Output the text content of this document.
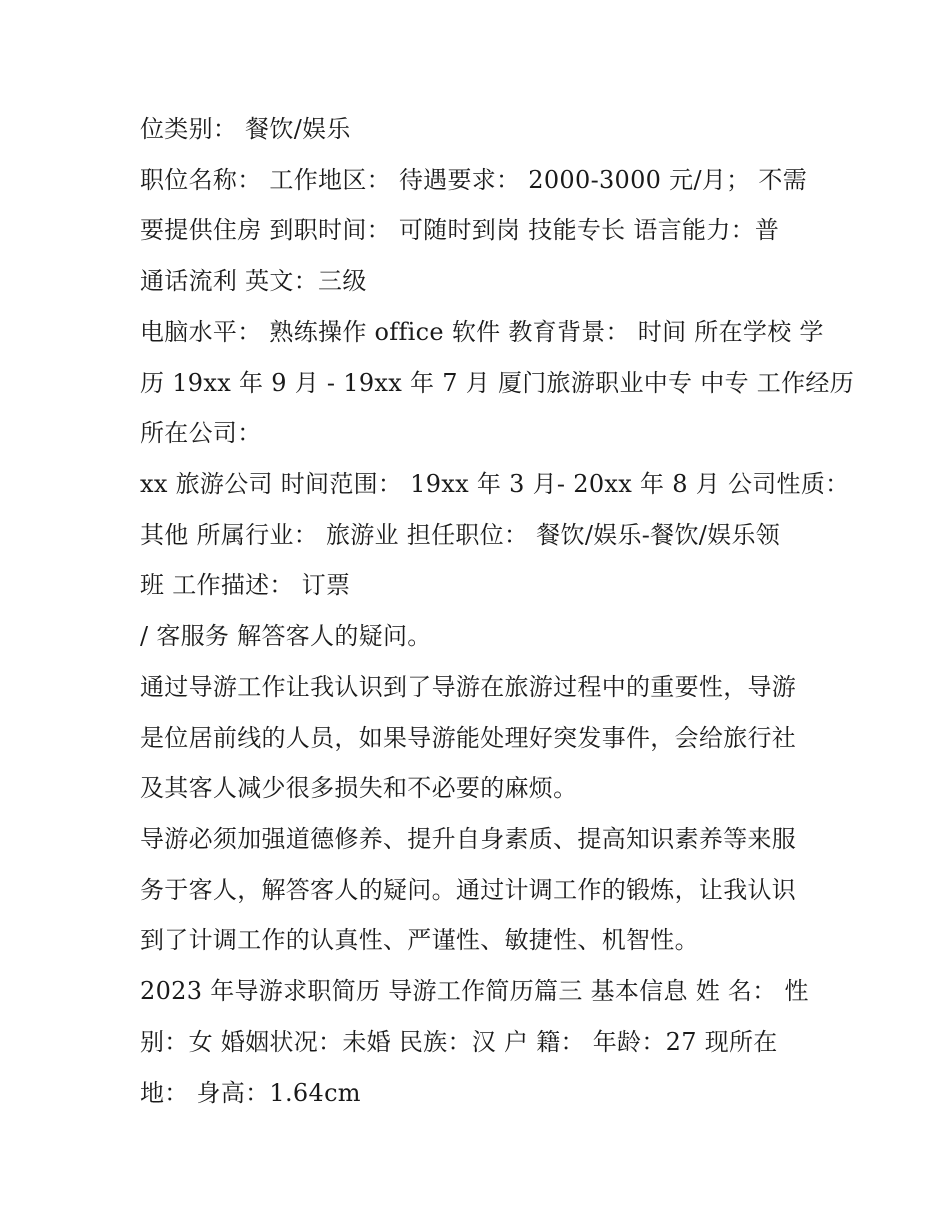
位类别： 餐饮/娱乐
职位名称： 工作地区： 待遇要求： 2000-3000 元/月； 不需
要提供住房 到职时间： 可随时到岗 技能专长 语言能力：普
通话流利 英文：三级
电脑水平： 熟练操作 office 软件 教育背景： 时间 所在学校 学
历 19xx 年 9 月 - 19xx 年 7 月 厦门旅游职业中专 中专 工作经历
所在公司：
xx 旅游公司 时间范围： 19xx 年 3 月- 20xx 年 8 月 公司性质：
其他 所属行业： 旅游业 担任职位： 餐饮/娱乐-餐饮/娱乐领
班 工作描述： 订票
/ 客服务 解答客人的疑问。
通过导游工作让我认识到了导游在旅游过程中的重要性，导游
是位居前线的人员，如果导游能处理好突发事件，会给旅行社
及其客人减少很多损失和不必要的麻烦。
导游必须加强道德修养、提升自身素质、提高知识素养等来服
务于客人，解答客人的疑问。通过计调工作的锻炼，让我认识
到了计调工作的认真性、严谨性、敏捷性、机智性。
2023 年导游求职简历 导游工作简历篇三 基本信息 姓 名： 性
别：女 婚姻状况：未婚 民族：汉 户 籍： 年龄：27 现所在
地： 身高：1.64cm
